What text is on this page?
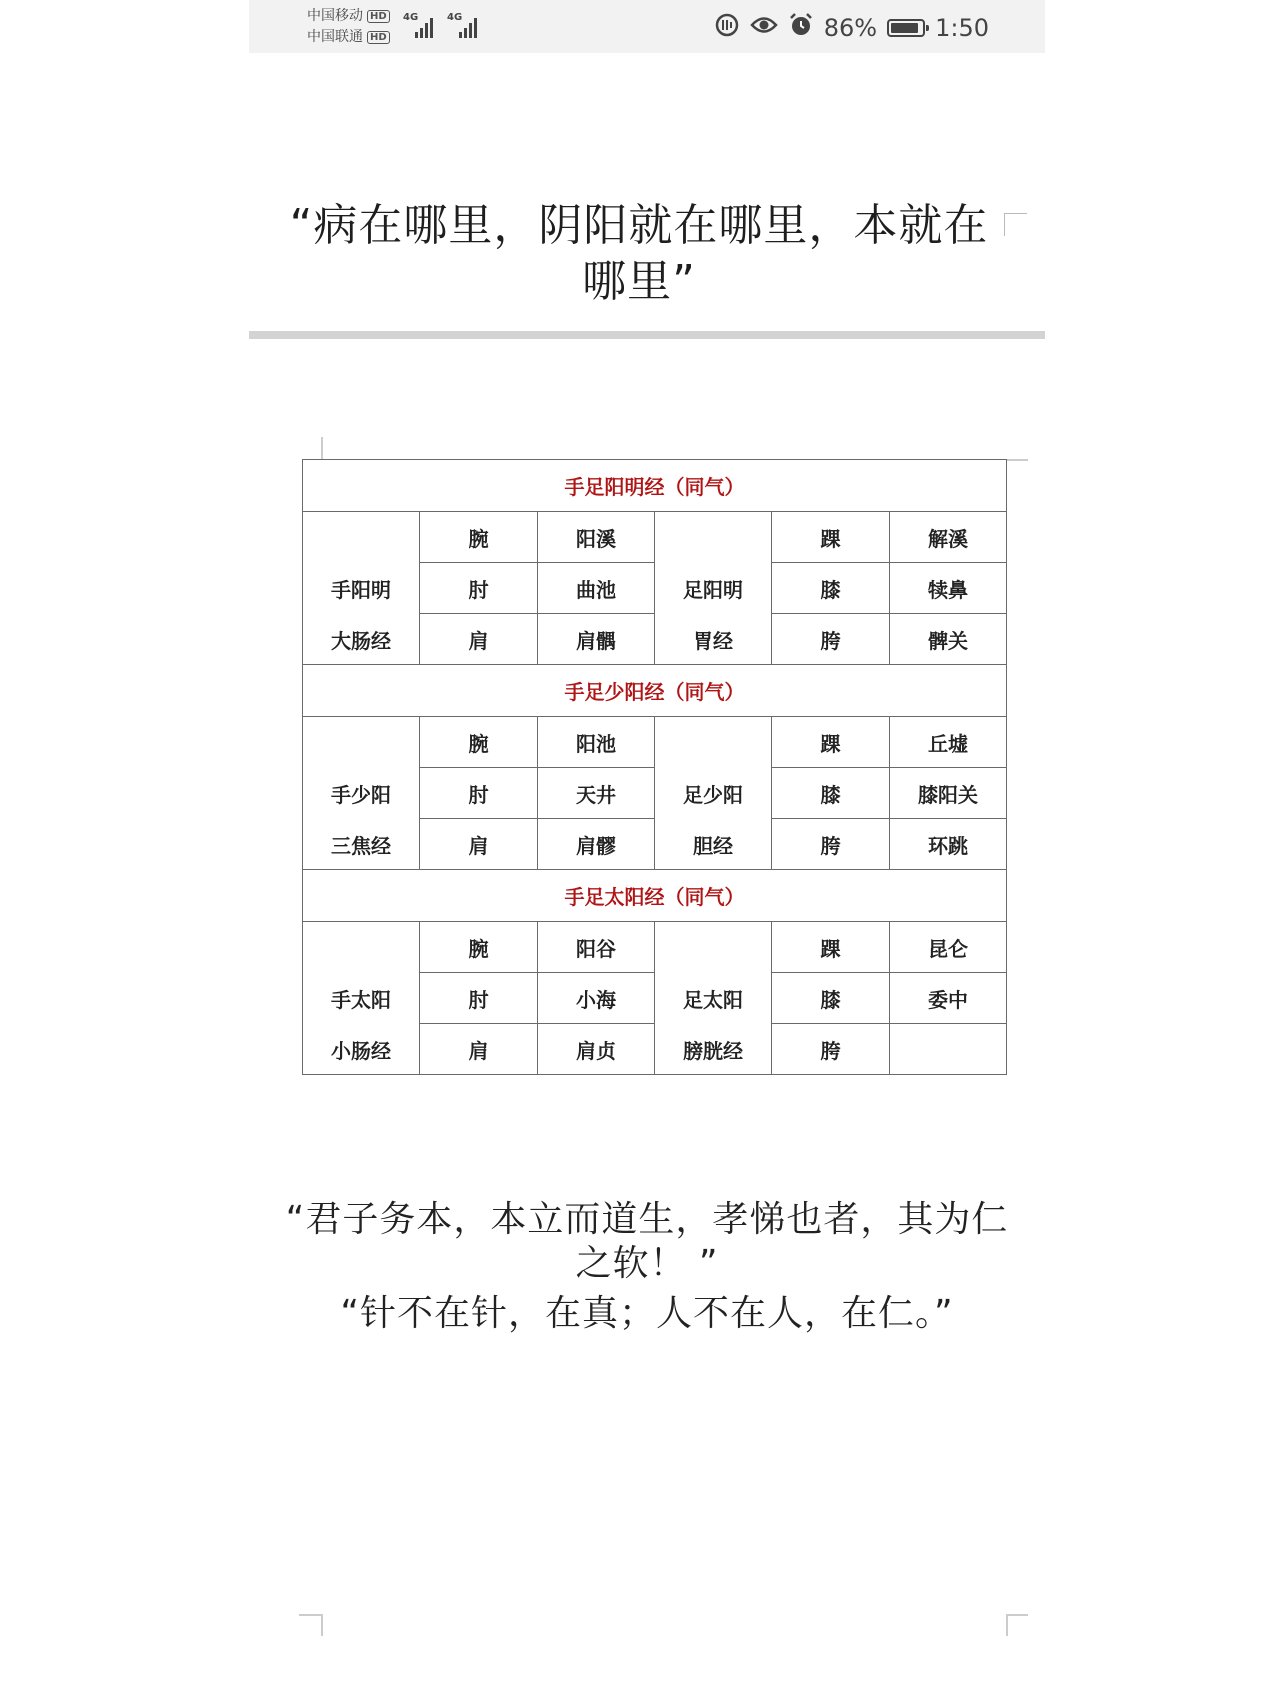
中国移动 HD
中国联通 HD
4G	4G	86% 1:50
“病在哪里，阴阳就在哪里，本就在哪里”
手足阳明经（同气）					
	腕	阳溪		踝	解溪
手阳明	肘	曲池	足阳明	膝	犊鼻
大肠经	肩	肩髃	胃经	胯	髀关
手足少阳经（同气）					
	腕	阳池		踝	丘墟
手少阳	肘	天井	足少阳	膝	膝阳关
三焦经	肩	肩髎	胆经	胯	环跳
手足太阳经（同气）					
	腕	阳谷		踝	昆仑
手太阳	肘	小海	足太阳	膝	委中
小肠经	肩	肩贞	膀胱经	胯	
“君子务本，本立而道生，孝悌也者，其为仁之软！ ”
“针不在针，在真；人不在人，在仁。”
